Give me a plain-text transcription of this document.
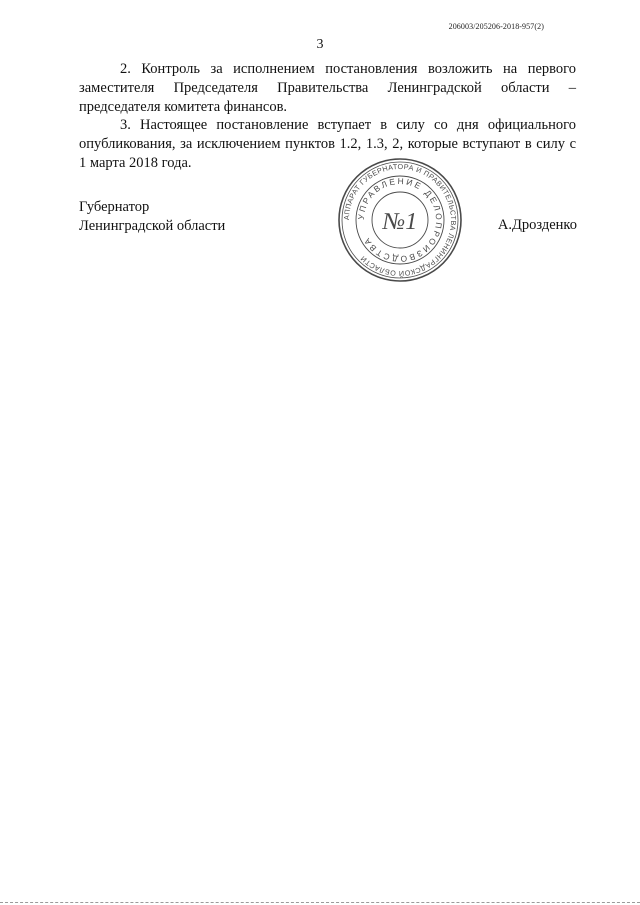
206003/205206-2018-957(2)
3

2. Контроль за исполнением постановления возложить на первого заместителя Председателя Правительства Ленинградской области – председателя комитета финансов.

3. Настоящее постановление вступает в силу со дня официального опубликования, за исключением пунктов 1.2, 1.3, 2, которые вступают в силу с 1 марта 2018 года.

Губернатор
Ленинградской области
АППАРАТ ГУБЕРНАТОРА И ПРАВИТЕЛЬСТВА ЛЕНИНГРАДСКОЙ ОБЛАСТИ
УПРАВЛЕНИЕ ДЕЛОПРОИЗВОДСТВА
№1	А.Дрозденко
